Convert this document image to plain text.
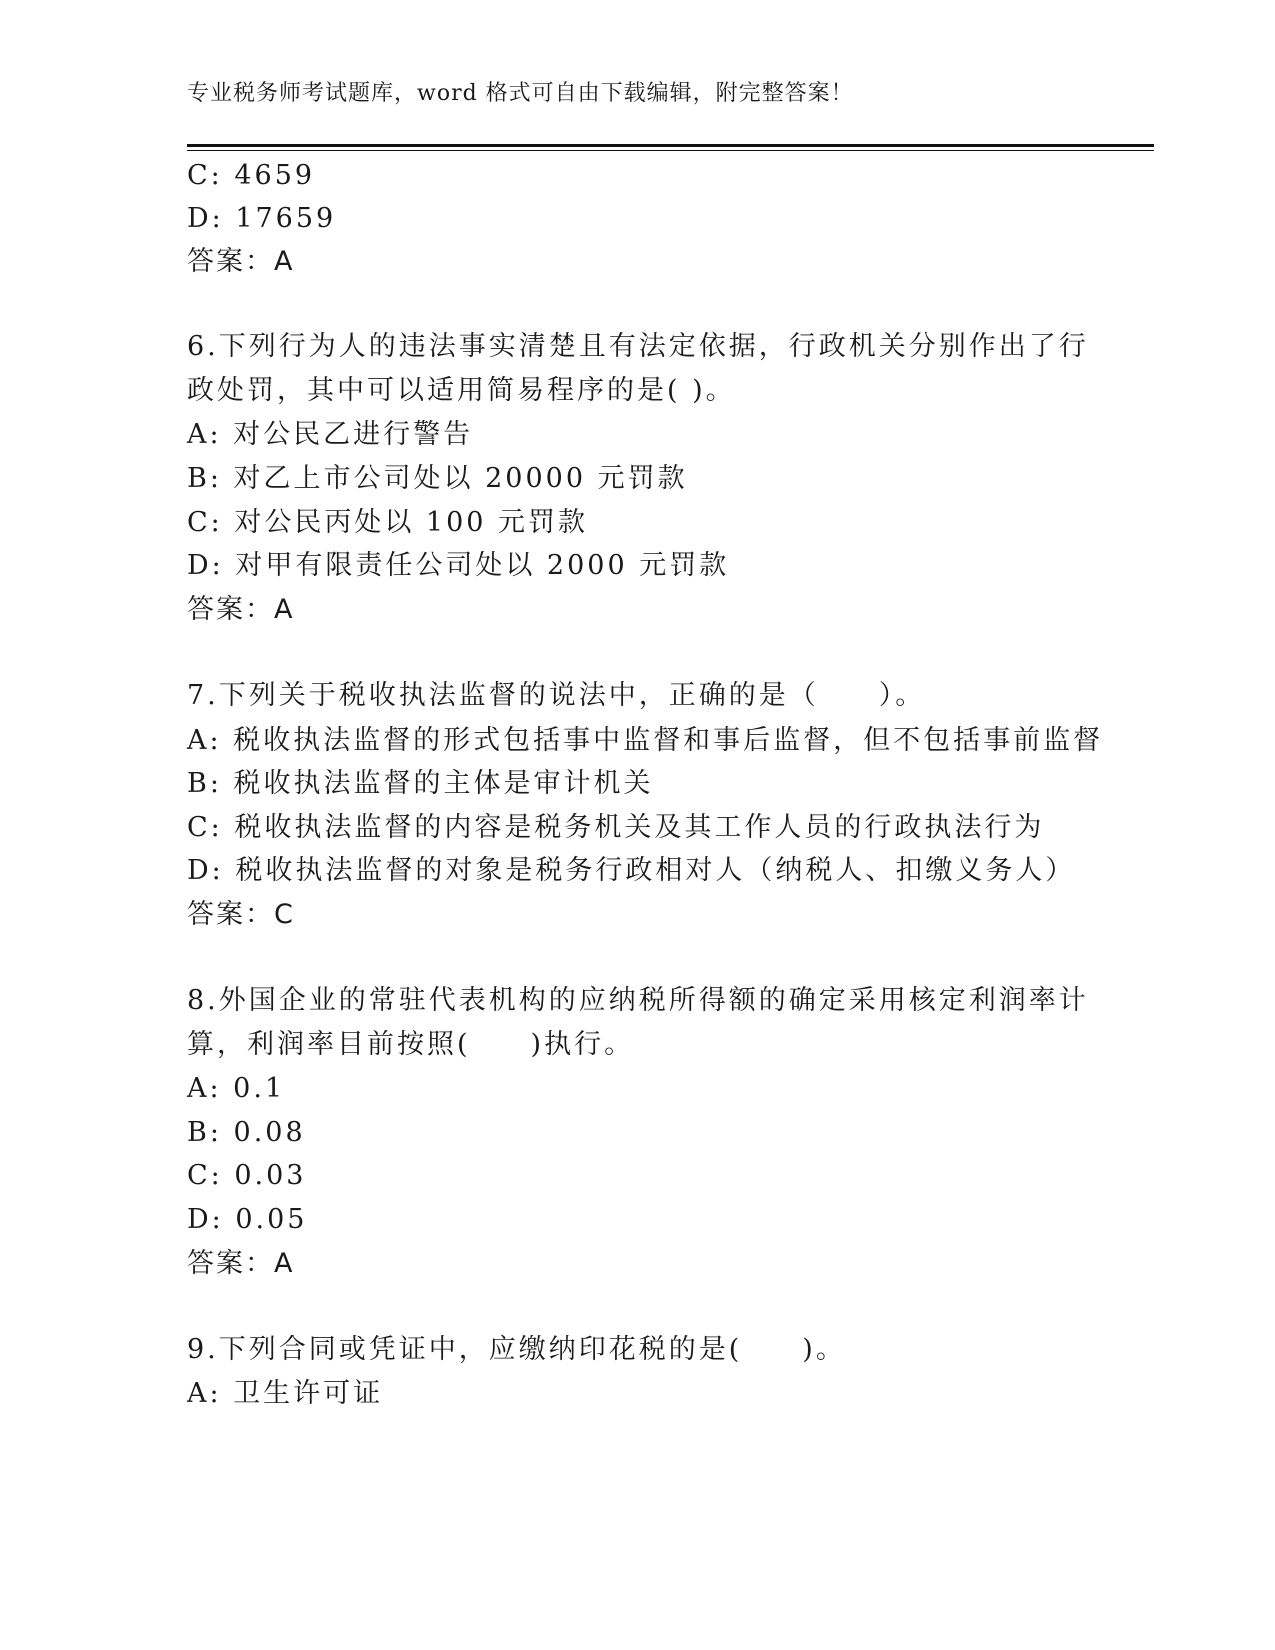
专业税务师考试题库，word 格式可自由下载编辑，附完整答案！
C: 4659
D: 17659
答案：A
6.下列行为人的违法事实清楚且有法定依据，行政机关分别作出了行
政处罚，其中可以适用简易程序的是( )。
A: 对公民乙进行警告
B: 对乙上市公司处以 20000 元罚款
C: 对公民丙处以 100 元罚款
D: 对甲有限责任公司处以 2000 元罚款
答案：A
7.下列关于税收执法监督的说法中，正确的是（　　）。
A: 税收执法监督的形式包括事中监督和事后监督，但不包括事前监督
B: 税收执法监督的主体是审计机关
C: 税收执法监督的内容是税务机关及其工作人员的行政执法行为
D: 税收执法监督的对象是税务行政相对人（纳税人、扣缴义务人）
答案：C
8.外国企业的常驻代表机构的应纳税所得额的确定采用核定利润率计
算，利润率目前按照(　　)执行。
A: 0.1
B: 0.08
C: 0.03
D: 0.05
答案：A
9.下列合同或凭证中，应缴纳印花税的是(　　)。
A: 卫生许可证
